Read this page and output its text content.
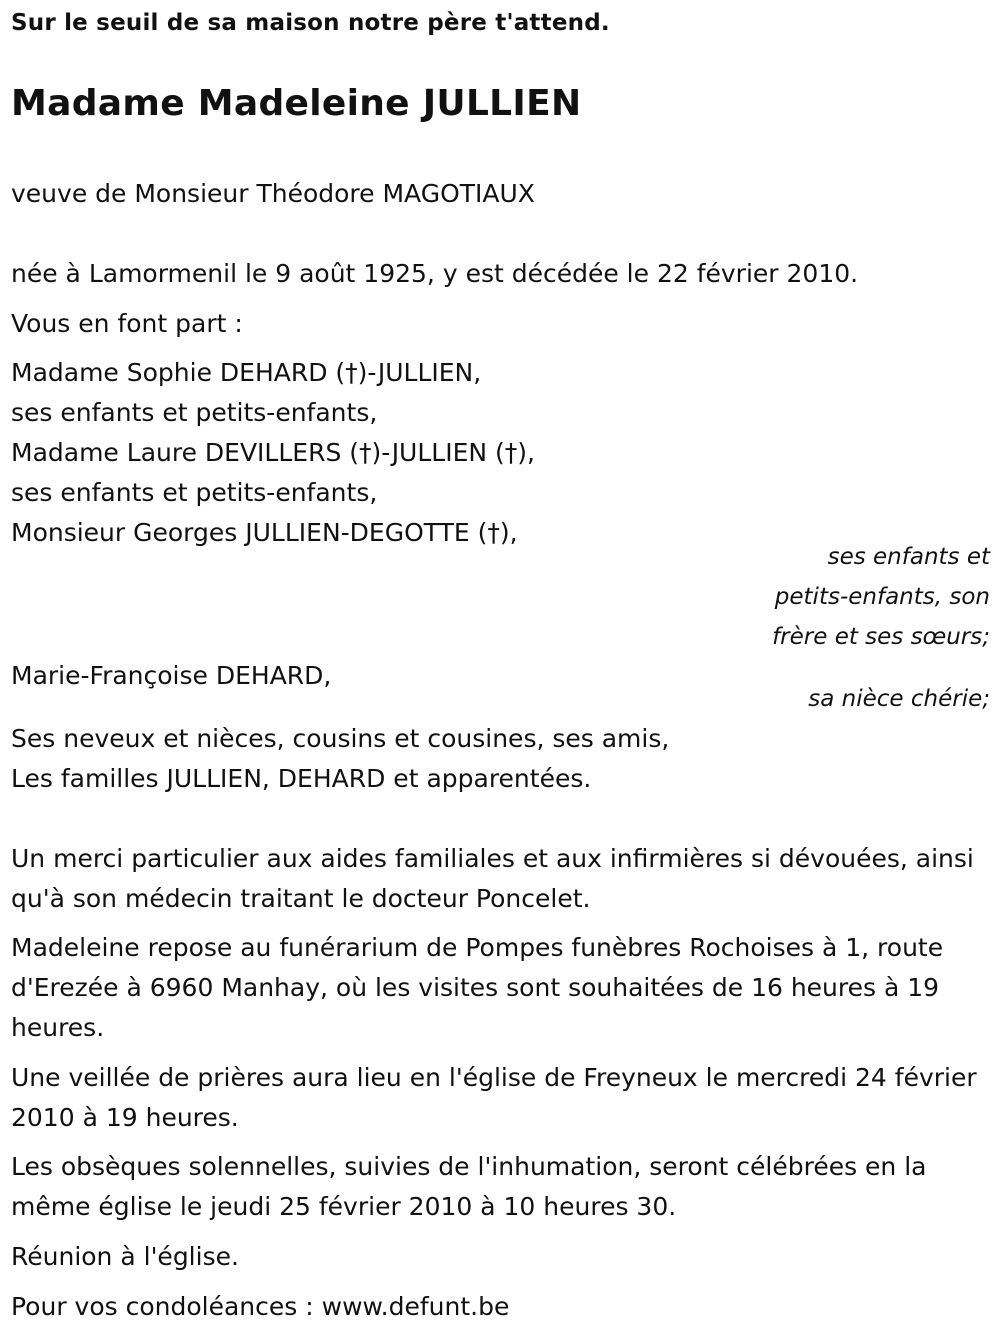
Sur le seuil de sa maison notre père t'attend.
Madame Madeleine JULLIEN
veuve de Monsieur Théodore MAGOTIAUX
née à Lamormenil le 9 août 1925, y est décédée le 22 février 2010.
Vous en font part :
Madame Sophie DEHARD (†)-JULLIEN,
ses enfants et petits-enfants,
Madame Laure DEVILLERS (†)-JULLIEN (†),
ses enfants et petits-enfants,
Monsieur Georges JULLIEN-DEGOTTE (†),
ses enfants et
petits-enfants, son
frère et ses sœurs;
Marie-Françoise DEHARD,
sa nièce chérie;
Ses neveux et nièces, cousins et cousines, ses amis,
Les familles JULLIEN, DEHARD et apparentées.
Un merci particulier aux aides familiales et aux infirmières si dévouées, ainsi qu'à son médecin traitant le docteur Poncelet.
Madeleine repose au funérarium de Pompes funèbres Rochoises à 1, route d'Erezée à 6960 Manhay, où les visites sont souhaitées de 16 heures à 19 heures.
Une veillée de prières aura lieu en l'église de Freyneux le mercredi 24 février 2010 à 19 heures.
Les obsèques solennelles, suivies de l'inhumation, seront célébrées en la même église le jeudi 25 février 2010 à 10 heures 30.
Réunion à l'église.
Pour vos condoléances : www.defunt.be
